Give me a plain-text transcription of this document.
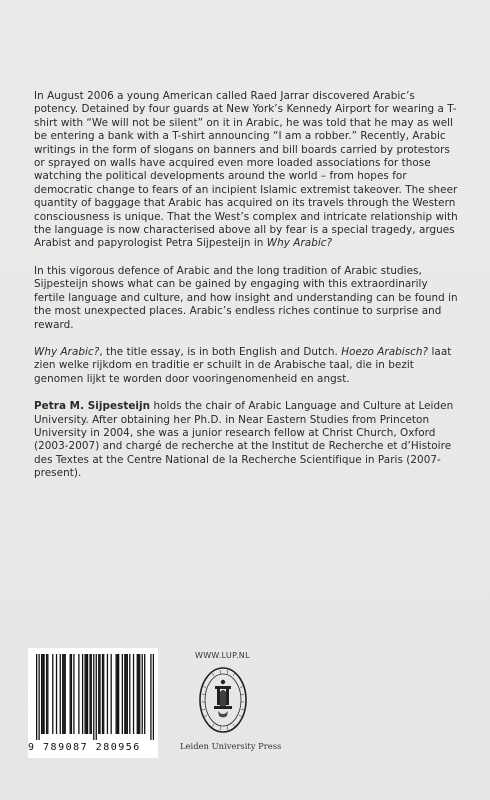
In August 2006 a young American called Raed Jarrar discovered Arabic’s potency. Detained by four guards at New York’s Kennedy Airport for wearing a T-shirt with “We will not be silent” on it in Arabic, he was told that he may as well be entering a bank with a T-shirt announcing “I am a robber.” Recently, Arabic writings in the form of slogans on banners and bill boards carried by protestors or sprayed on walls have acquired even more loaded associations for those watching the political developments around the world – from hopes for democratic change to fears of an incipient Islamic extremist takeover. The sheer quantity of baggage that Arabic has acquired on its travels through the Western consciousness is unique. That the West’s complex and intricate relationship with the language is now characterised above all by fear is a special tragedy, argues Arabist and papyrologist Petra Sijpesteijn in Why Arabic?

In this vigorous defence of Arabic and the long tradition of Arabic studies, Sijpesteijn shows what can be gained by engaging with this extraordinarily fertile language and culture, and how insight and understanding can be found in the most unexpected places. Arabic’s endless riches continue to surprise and reward.

Why Arabic?, the title essay, is in both English and Dutch. Hoezo Arabisch? laat zien welke rijkdom en traditie er schuilt in de Arabische taal, die in bezit genomen lijkt te worden door vooringenomenheid en angst.

Petra M. Sijpesteijn holds the chair of Arabic Language and Culture at Leiden University. After obtaining her Ph.D. in Near Eastern Studies from Princeton University in 2004, she was a junior research fellow at Christ Church, Oxford (2003-2007) and chargé de recherche at the Institut de Recherche et d’Histoire des Textes at the Centre National de la Recherche Scientifique in Paris (2007-present).

WWW.LUP.NL
Leiden University Press
9 789087 280956
